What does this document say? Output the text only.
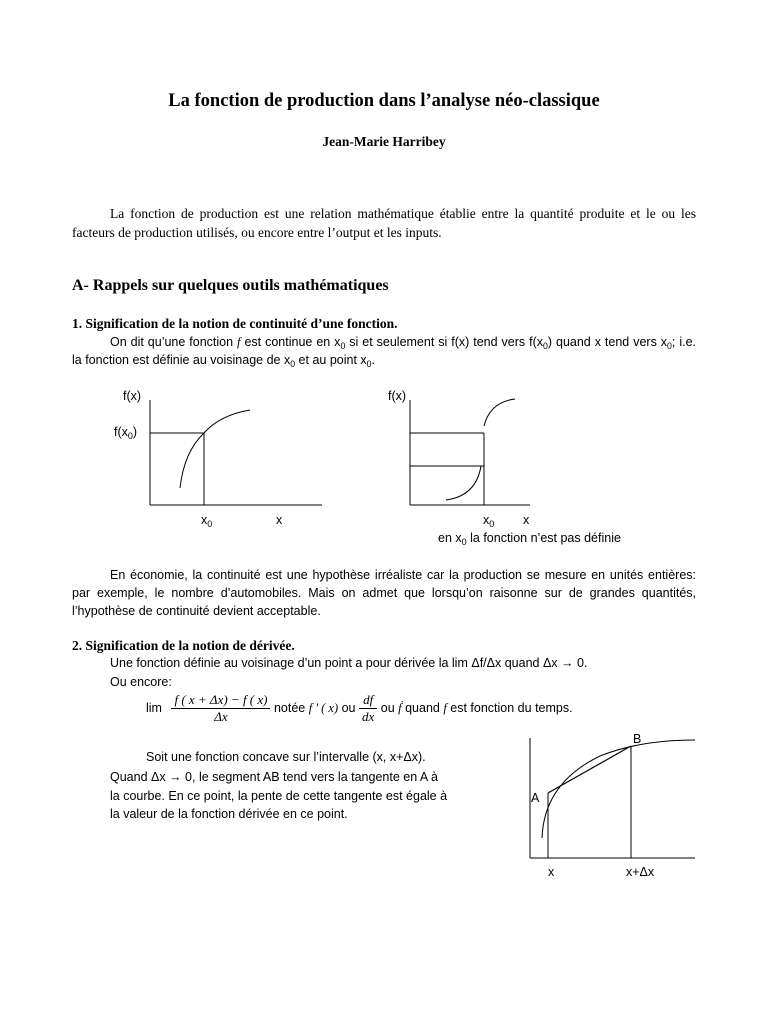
La fonction de production dans l’analyse néo-classique
Jean-Marie Harribey

La fonction de production est une relation mathématique établie entre la quantité produite et le ou les facteurs de production utilisés, ou encore entre l’output et les inputs.

A- Rappels sur quelques outils mathématiques
1. Signification de la notion de continuité d’une fonction.

On dit qu’une fonction f est continue en $x_0$ si et seulement si f(x) tend vers $f(x_0)$ quand x tend vers $x_0$; i.e. la fonction est définie au voisinage de $x_0$ et au point $x_0$.

f(x)
$f(x_0)$
$x_0$	x
f(x)
$x_0$ x
en $x_0$ la fonction n’est pas définie

En économie, la continuité est une hypothèse irréaliste car la production se mesure en unités entières: par exemple, le nombre d’automobiles. Mais on admet que lorsqu’on raisonne sur de grandes quantités, l’hypothèse de continuité devient acceptable.

2. Signification de la notion de dérivée.
Une fonction définie au voisinage d’un point a pour dérivée la lim Δf/Δx quand Δx → 0.
Ou encore:
$\lim \frac{f ( x + \Delta x) - f ( x)}{\Delta x}$ notée f ' ( x) ou $\frac{df}{dx}$ ou ḟ quand f est fonction du temps.
Soit une fonction concave sur l’intervalle (x, x+Δx).
Quand Δx → 0, le segment AB tend vers la tangente en A à
la courbe. En ce point, la pente de cette tangente est égale à
la valeur de la fonction dérivée en ce point.
A
B
x	x+Δx
